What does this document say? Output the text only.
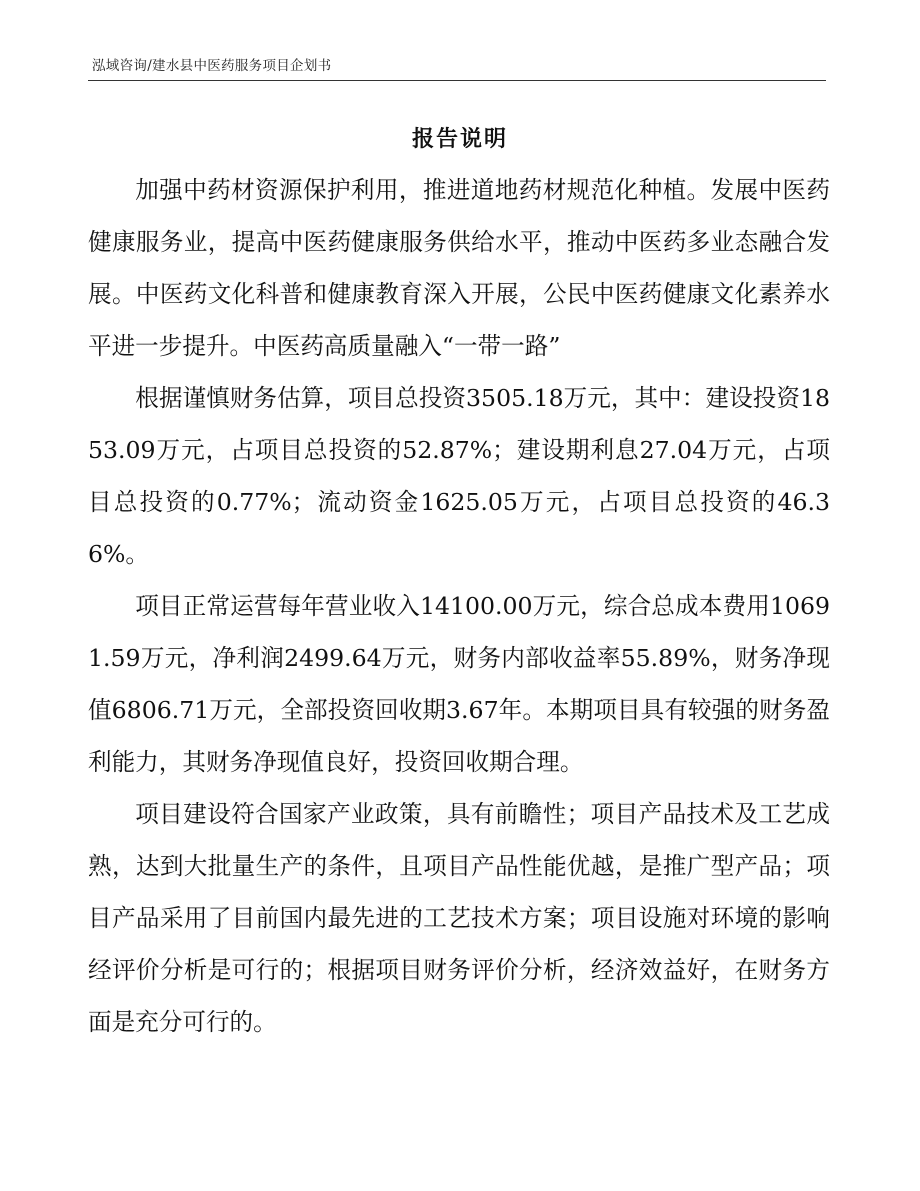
泓域咨询/建水县中医药服务项目企划书
报告说明

加强中药材资源保护利用，推进道地药材规范化种植。发展中医药健康服务业，提高中医药健康服务供给水平，推动中医药多业态融合发展。中医药文化科普和健康教育深入开展，公民中医药健康文化素养水平进一步提升。中医药高质量融入“一带一路”

根据谨慎财务估算，项目总投资3505.18万元，其中：建设投资1853.09万元，占项目总投资的52.87%；建设期利息27.04万元，占项目总投资的0.77%；流动资金1625.05万元，占项目总投资的46.36%。

项目正常运营每年营业收入14100.00万元，综合总成本费用10691.59万元，净利润2499.64万元，财务内部收益率55.89%，财务净现值6806.71万元，全部投资回收期3.67年。本期项目具有较强的财务盈利能力，其财务净现值良好，投资回收期合理。

项目建设符合国家产业政策，具有前瞻性；项目产品技术及工艺成熟，达到大批量生产的条件，且项目产品性能优越，是推广型产品；项目产品采用了目前国内最先进的工艺技术方案；项目设施对环境的影响经评价分析是可行的；根据项目财务评价分析，经济效益好，在财务方面是充分可行的。
